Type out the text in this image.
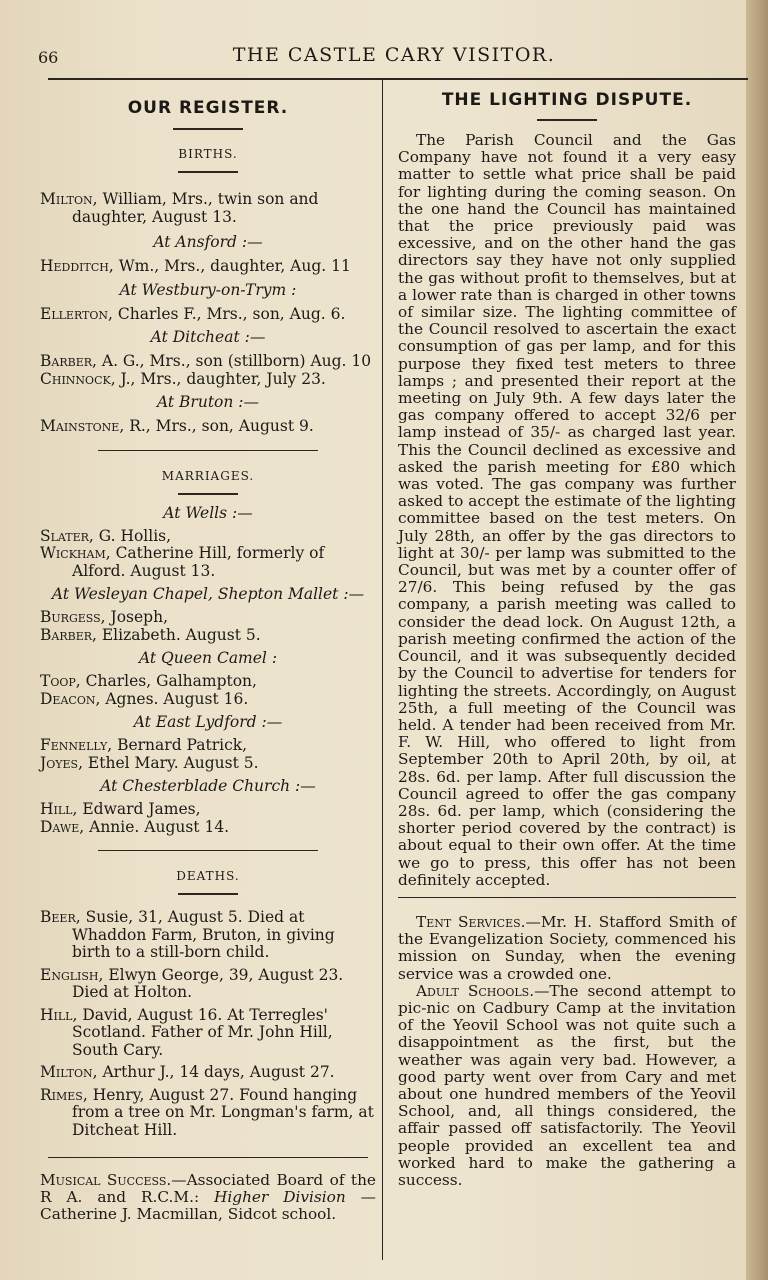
66	THE CASTLE CARY VISITOR.
OUR REGISTER.

BIRTHS.

Milton, William, Mrs., twin son and daughter, August 13.

At Ansford :—

Hedditch, Wm., Mrs., daughter, Aug. 11

At Westbury-on-Trym :

Ellerton, Charles F., Mrs., son, Aug. 6.

At Ditcheat :—

Barber, A. G., Mrs., son (stillborn) Aug. 10

Chinnock, J., Mrs., daughter, July 23.

At Bruton :—

Mainstone, R., Mrs., son, August 9.

MARRIAGES.

At Wells :—

Slater, G. Hollis,

Wickham, Catherine Hill, formerly of Alford. August 13.

At Wesleyan Chapel, Shepton Mallet :—

Burgess, Joseph,

Barber, Elizabeth. August 5.

At Queen Camel :

Toop, Charles, Galhampton,

Deacon, Agnes. August 16.

At East Lydford :—

Fennelly, Bernard Patrick,

Joyes, Ethel Mary. August 5.

At Chesterblade Church :—

Hill, Edward James,

Dawe, Annie. August 14.

DEATHS.

Beer, Susie, 31, August 5. Died at Whaddon Farm, Bruton, in giving birth to a still-born child.

English, Elwyn George, 39, August 23. Died at Holton.

Hill, David, August 16. At Terregles' Scotland. Father of Mr. John Hill, South Cary.

Milton, Arthur J., 14 days, August 27.

Rimes, Henry, August 27. Found hanging from a tree on Mr. Longman's farm, at Ditcheat Hill.

Musical Success.—Associated Board of the R A. and R.C.M.: Higher Division —Catherine J. Macmillan, Sidcot school.

THE LIGHTING DISPUTE.

The Parish Council and the Gas Company have not found it a very easy matter to settle what price shall be paid for lighting during the coming season. On the one hand the Council has maintained that the price previously paid was excessive, and on the other hand the gas directors say they have not only supplied the gas without profit to themselves, but at a lower rate than is charged in other towns of similar size. The lighting committee of the Council resolved to ascertain the exact consumption of gas per lamp, and for this purpose they fixed test meters to three lamps ; and presented their report at the meeting on July 9th. A few days later the gas company offered to accept 32/6 per lamp instead of 35/- as charged last year. This the Council declined as excessive and asked the parish meeting for £80 which was voted. The gas company was further asked to accept the estimate of the lighting committee based on the test meters. On July 28th, an offer by the gas directors to light at 30/- per lamp was submitted to the Council, but was met by a counter offer of 27/6. This being refused by the gas company, a parish meeting was called to consider the dead lock. On August 12th, a parish meeting confirmed the action of the Council, and it was subsequently decided by the Council to advertise for tenders for lighting the streets. Accordingly, on August 25th, a full meeting of the Council was held. A tender had been received from Mr. F. W. Hill, who offered to light from September 20th to April 20th, by oil, at 28s. 6d. per lamp. After full discussion the Council agreed to offer the gas company 28s. 6d. per lamp, which (considering the shorter period covered by the contract) is about equal to their own offer. At the time we go to press, this offer has not been definitely accepted.

Tent Services.—Mr. H. Stafford Smith of the Evangelization Society, commenced his mission on Sunday, when the evening service was a crowded one.

Adult Schools.—The second attempt to pic-nic on Cadbury Camp at the invitation of the Yeovil School was not quite such a disappointment as the first, but the weather was again very bad. However, a good party went over from Cary and met about one hundred members of the Yeovil School, and, all things considered, the affair passed off satisfactorily. The Yeovil people provided an excellent tea and worked hard to make the gathering a success.
